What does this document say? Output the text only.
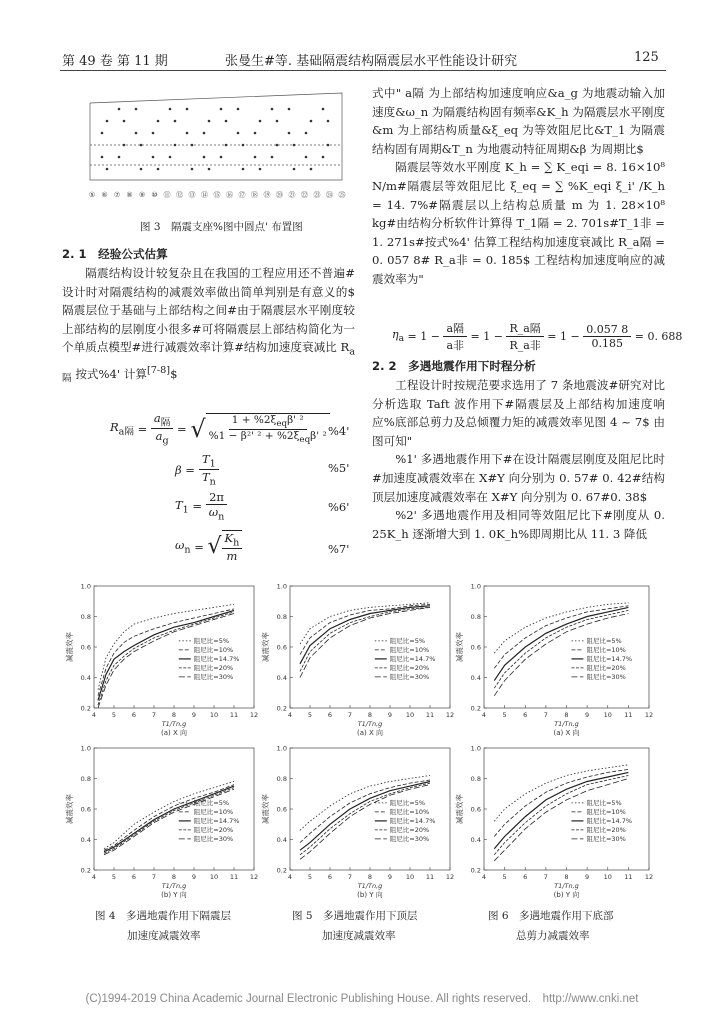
第 49 卷 第 11 期	张曼生#等. 基础隔震结构隔震层水平性能设计研究	125
⑤ ⑥ ⑦ ⑧ ⑨ ⑩ ⑪ ⑫ ⑬ ⑭ ⑮ ⑯ ⑰ ⑱ ⑲ ⑳ ㉑ ㉒ ㉓ ㉔ ㉕
图 3　隔震支座%图中圆点' 布置图
2. 1　经验公式估算

隔震结构设计较复杂且在我国的工程应用还不普遍#设计时对隔震结构的减震效率做出简单判别是有意义的$ 隔震层位于基础与上部结构之间#由于隔震层水平刚度较上部结构的层刚度小很多#可将隔震层上部结构简化为一个单质点模型#进行减震效率计算#结构加速度衰减比 $R_{a隔}$ 按式%4' 计算[7-8]$

$R_{a隔} = \frac{a_隔}{a_g}$ = √ $\frac{1 + \%2\xi_{eq}\beta' ^2}{\%1 - \beta^2' ^2 + \%2\xi_{eq}\beta' ^2}$
%4'
$\beta = \frac{T_1}{T_n}$	%5'
$T_1 = \frac{2\pi}{\omega_n}$	%6'
$\omega_n$ = √ $\frac{K_h}{m}$	%7'

式中" a隔 为上部结构加速度响应&a_g 为地震动输入加速度&ω_n 为隔震结构固有频率&K_h 为隔震层水平刚度&m 为上部结构质量&ξ_eq 为等效阻尼比&T_1 为隔震结构固有周期&T_n 为地震动特征周期&β 为周期比$

隔震层等效水平刚度 K_h = ∑ K_eqi = 8. 16×10⁸ N/m#隔震层等效阻尼比 ξ_eq = ∑ %K_eqi ξ_i' /K_h = 14. 7%#隔震层以上结构总质量 m 为 1. 28×10⁸ kg#由结构分析软件计算得 T_1隔 = 2. 701s#T_1非 = 1. 271s#按式%4' 估算工程结构加速度衰减比 R_a隔 = 0. 057 8# R_a非 = 0. 185$ 工程结构加速度响应的减震效率为"

$\eta_a = 1 - \frac{\text{a隔}}{\text{a非}} = 1 - \frac{\text{R\_a隔}}{\text{R\_a非}} = 1 - \frac{0.057 8}{0.185} = 0$. 688
2. 2　多遇地震作用下时程分析

工程设计时按规范要求选用了 7 条地震波#研究对比分析选取 Taft 波作用下#隔震层及上部结构加速度响应%底部总剪力及总倾覆力矩的减震效率见图 4 ~ 7$ 由图可知"

%1' 多遇地震作用下#在设计隔震层刚度及阻尼比时#加速度减震效率在 X#Y 向分别为 0. 57# 0. 42#结构顶层加速度减震效率在 X#Y 向分别为 0. 67#0. 38$

%2' 多遇地震作用及相同等效阻尼比下#刚度从 0. 25K_h 逐渐增大到 1. 0K_h%即周期比从 11. 3 降低

4 5 6 7 8 9 10 11 12
0.2
0.4
0.6
0.8
1.0
T1/Tn,g
(a) X 向
减震效率	阻尼比=5%
阻尼比=10%
阻尼比=14.7%
阻尼比=20%
阻尼比=30%
4 5 6 7 8 9 10 11 12
0.2
0.4
0.6
0.8
1.0
T1/Tn,g
(a) X 向
减震效率	阻尼比=5%
阻尼比=10%
阻尼比=14.7%
阻尼比=20%
阻尼比=30%
4	5	6	7	8	9 10 11 12
0.2
0.4
0.6
0.8
1.0
T1/Tn,g
(a) X 向
减震效率	阻尼比=5%
阻尼比=10%
阻尼比=14.7%
阻尼比=20%
阻尼比=30%
4 5 6 7 8 9 10 11 12
0.2
0.4
0.6
0.8
1.0
T1/Tn,g
(b) Y 向
减震效率	阻尼比=5%
阻尼比=10%
阻尼比=14.7%
阻尼比=20%
阻尼比=30%
4 5 6 7 8 9 10 11 12
0.2
0.4
0.6
0.8
1.0
T1/Tn,g
(b) Y 向
减震效率	阻尼比=5%
阻尼比=10%
阻尼比=14.7%
阻尼比=20%
阻尼比=30%
4	5	6	7	8	9 10 11 12
0.2
0.4
0.6
0.8
1.0
T1/Tn,g
(b) Y 向
减震效率	阻尼比=5%
阻尼比=10%
阻尼比=14.7%
阻尼比=20%
阻尼比=30%
图 4　多遇地震作用下隔震层
加速度减震效率
图 5　多遇地震作用下顶层
加速度减震效率
图 6　多遇地震作用下底部
总剪力减震效率
(C)1994-2019 China Academic Journal Electronic Publishing House. All rights reserved.　http://www.cnki.net
